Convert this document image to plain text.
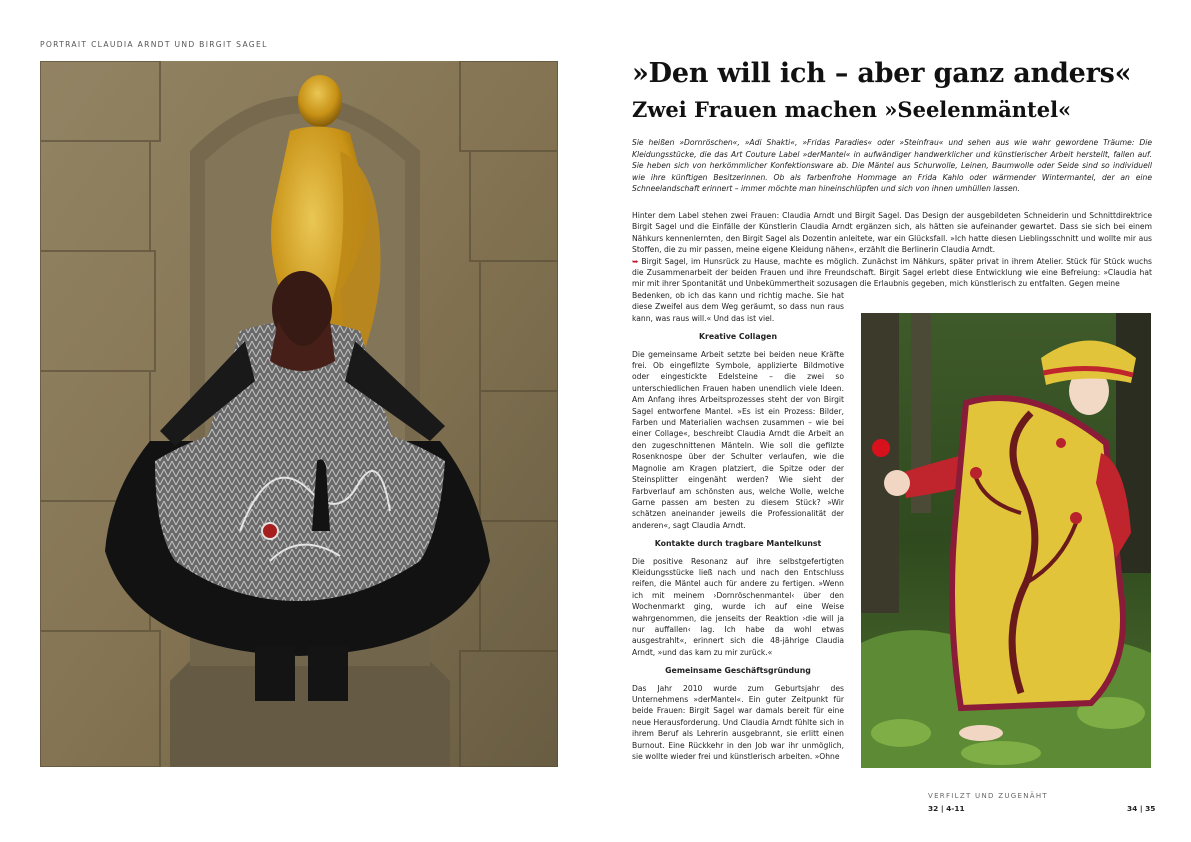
PORTRAIT CLAUDIA ARNDT UND BIRGIT SAGEL
»Den will ich – aber ganz anders«
Zwei Frauen machen »Seelenmäntel«
Sie heißen »Dornröschen«, »Adi Shakti«, »Fridas Paradies« oder »Steinfrau« und sehen aus wie wahr gewordene Träume: Die Kleidungsstücke, die das Art Couture Label »derMantel« in aufwändiger handwerklicher und künstlerischer Arbeit herstellt, fallen auf. Sie heben sich von herkömmlicher Konfektionsware ab. Die Mäntel aus Schurwolle, Leinen, Baumwolle oder Seide sind so individuell wie ihre künftigen Besitzerinnen. Ob als farbenfrohe Hommage an Frida Kahlo oder wärmender Wintermantel, der an eine Schneelandschaft erinnert – immer möchte man hineinschlüpfen und sich von ihnen umhüllen lassen.

Hinter dem Label stehen zwei Frauen: Claudia Arndt und Birgit Sagel. Das Design der ausgebildeten Schneiderin und Schnittdirektrice Birgit Sagel und die Einfälle der Künstlerin Claudia Arndt ergänzen sich, als hätten sie aufeinander gewartet. Dass sie sich bei einem Nähkurs kennenlernten, den Birgit Sagel als Dozentin anleitete, war ein Glücksfall. »Ich hatte diesen Lieblingsschnitt und wollte mir aus Stoffen, die zu mir passen, meine eigene Kleidung nähen«, erzählt die Berlinerin Claudia Arndt.

➥ Birgit Sagel, im Hunsrück zu Hause, machte es möglich. Zunächst im Nähkurs, später privat in ihrem Atelier. Stück für Stück wuchs die Zusammenarbeit der beiden Frauen und ihre Freundschaft. Birgit Sagel erlebt diese Entwicklung wie eine Befreiung: »Claudia hat mir mit ihrer Spontanität und Unbekümmertheit sozusagen die Erlaubnis gegeben, mich künstlerisch zu entfalten. Gegen meine

Bedenken, ob ich das kann und richtig mache. Sie hat diese Zweifel aus dem Weg geräumt, so dass nun raus kann, was raus will.« Und das ist viel.

Kreative Collagen

Die gemeinsame Arbeit setzte bei beiden neue Kräfte frei. Ob eingefilzte Symbole, applizierte Bildmotive oder eingestickte Edelsteine – die zwei so unterschiedlichen Frauen haben unendlich viele Ideen. Am Anfang ihres Arbeitsprozesses steht der von Birgit Sagel entworfene Mantel. »Es ist ein Prozess: Bilder, Farben und Materialien wachsen zusammen – wie bei einer Collage«, beschreibt Claudia Arndt die Arbeit an den zugeschnittenen Mänteln. Wie soll die gefilzte Rosenknospe über der Schulter verlaufen, wie die Magnolie am Kragen platziert, die Spitze oder der Steinsplitter eingenäht werden? Wie sieht der Farbverlauf am schönsten aus, welche Wolle, welche Garne passen am besten zu diesem Stück? »Wir schätzen aneinander jeweils die Professionalität der anderen«, sagt Claudia Arndt.

Kontakte durch tragbare Mantelkunst

Die positive Resonanz auf ihre selbstgefertigten Kleidungsstücke ließ nach und nach den Entschluss reifen, die Mäntel auch für andere zu fertigen. »Wenn ich mit meinem ›Dornröschenmantel‹ über den Wochenmarkt ging, wurde ich auf eine Weise wahrgenommen, die jenseits der Reaktion ›die will ja nur auffallen‹ lag. Ich habe da wohl etwas ausgestrahlt«, erinnert sich die 48-jährige Claudia Arndt, »und das kam zu mir zurück.«

Gemeinsame Geschäftsgründung

Das Jahr 2010 wurde zum Geburtsjahr des Unternehmens »derMantel«. Ein guter Zeitpunkt für beide Frauen: Birgit Sagel war damals bereit für eine neue Herausforderung. Und Claudia Arndt fühlte sich in ihrem Beruf als Lehrerin ausgebrannt, sie erlitt einen Burnout. Eine Rückkehr in den Job war ihr unmöglich, sie wollte wieder frei und künstlerisch arbeiten. »Ohne

VERFILZT UND ZUGENÄHT
32 | 4-11	34 | 35
